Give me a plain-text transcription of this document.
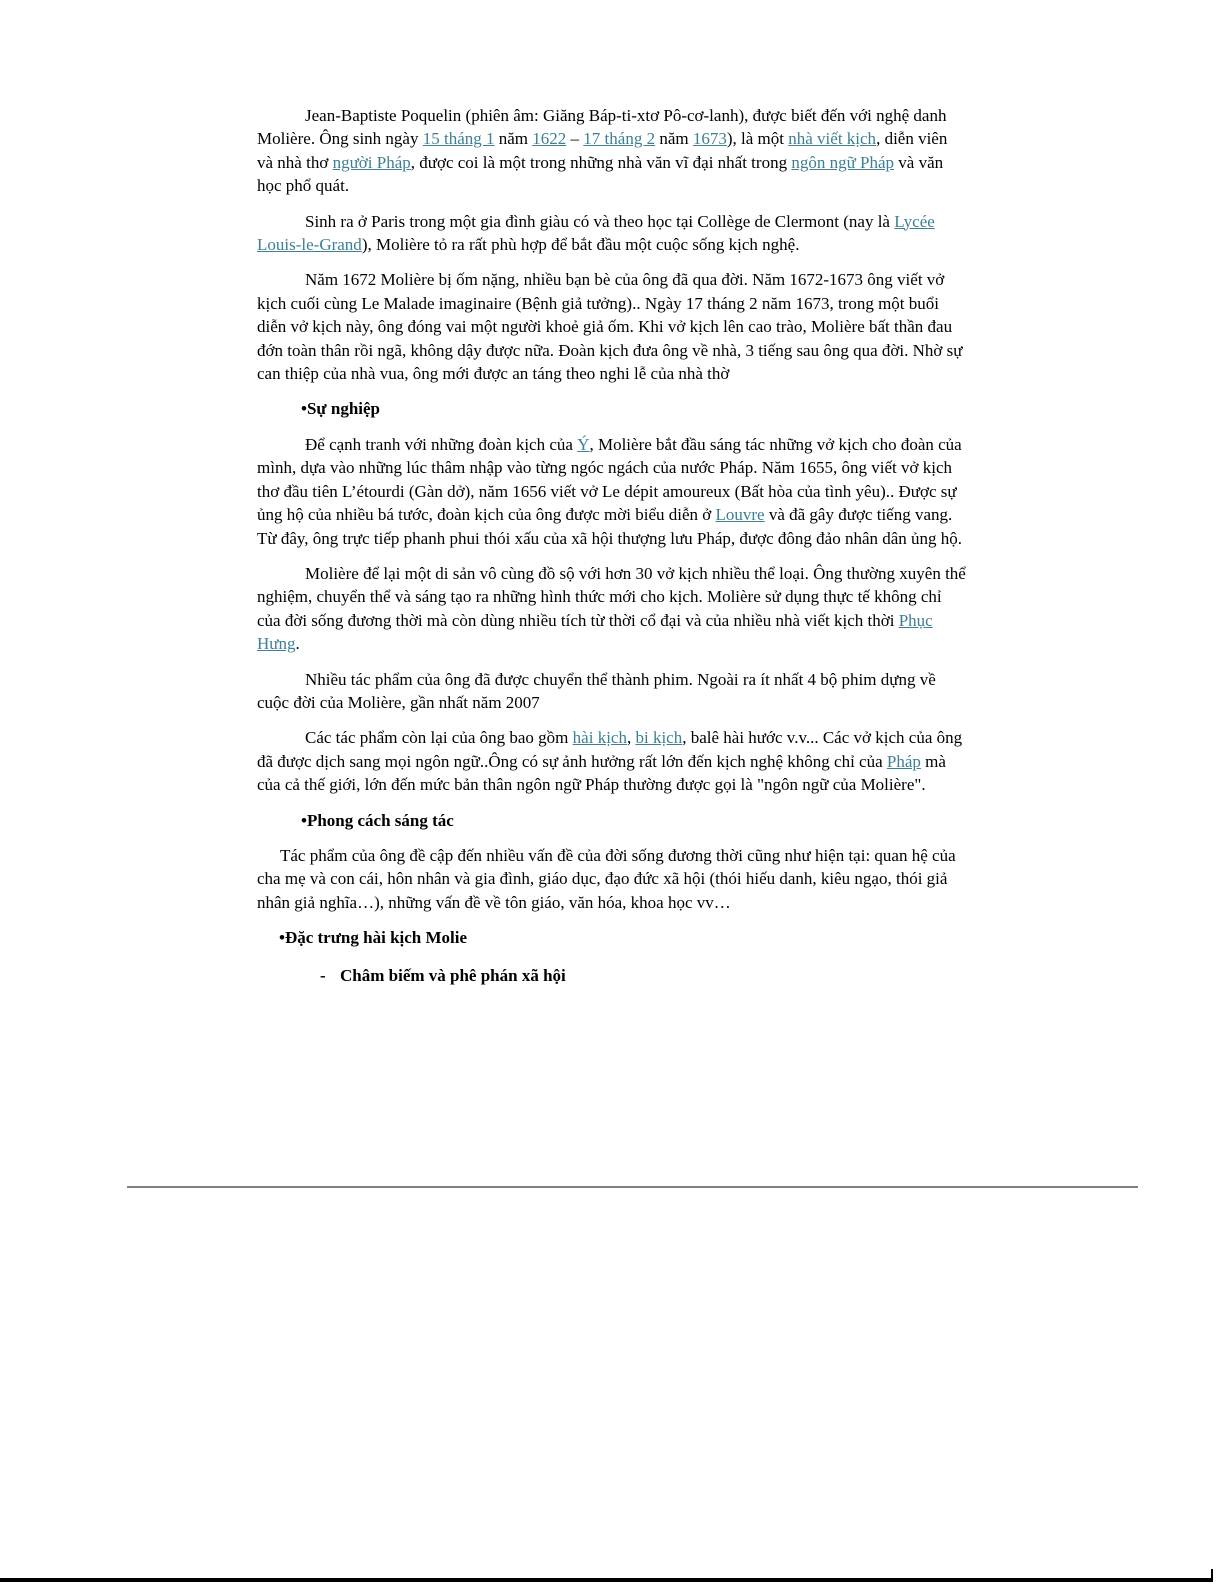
Jean-Baptiste Poquelin (phiên âm: Giăng Báp-ti-xtơ Pô-cơ-lanh), được biết đến với nghệ danh Molière. Ông sinh ngày 15 tháng 1 năm 1622 – 17 tháng 2 năm 1673), là một nhà viết kịch, diễn viên và nhà thơ người Pháp, được coi là một trong những nhà văn vĩ đại nhất trong ngôn ngữ Pháp và văn học phổ quát.

Sinh ra ở Paris trong một gia đình giàu có và theo học tại Collège de Clermont (nay là Lycée Louis-le-Grand), Molière tỏ ra rất phù hợp để bắt đầu một cuộc sống kịch nghệ.

Năm 1672 Molière bị ốm nặng, nhiều bạn bè của ông đã qua đời. Năm 1672-1673 ông viết vở kịch cuối cùng Le Malade imaginaire (Bệnh giả tưởng).. Ngày 17 tháng 2 năm 1673, trong một buổi diễn vở kịch này, ông đóng vai một người khoẻ giả ốm. Khi vở kịch lên cao trào, Molière bất thần đau đớn toàn thân rồi ngã, không dậy được nữa. Đoàn kịch đưa ông về nhà, 3 tiếng sau ông qua đời. Nhờ sự can thiệp của nhà vua, ông mới được an táng theo nghi lễ của nhà thờ

•Sự nghiệp

Để cạnh tranh với những đoàn kịch của Ý, Molière bắt đầu sáng tác những vở kịch cho đoàn của mình, dựa vào những lúc thâm nhập vào từng ngóc ngách của nước Pháp. Năm 1655, ông viết vở kịch thơ đầu tiên L’étourdi (Gàn dở), năm 1656 viết vở Le dépit amoureux (Bất hòa của tình yêu).. Được sự ủng hộ của nhiều bá tước, đoàn kịch của ông được mời biểu diễn ở Louvre và đã gây được tiếng vang. Từ đây, ông trực tiếp phanh phui thói xấu của xã hội thượng lưu Pháp, được đông đảo nhân dân ủng hộ.

Molière để lại một di sản vô cùng đồ sộ với hơn 30 vở kịch nhiều thể loại. Ông thường xuyên thể nghiệm, chuyển thể và sáng tạo ra những hình thức mới cho kịch. Molière sử dụng thực tế không chỉ của đời sống đương thời mà còn dùng nhiều tích từ thời cổ đại và của nhiều nhà viết kịch thời Phục Hưng.

Nhiều tác phẩm của ông đã được chuyển thể thành phim. Ngoài ra ít nhất 4 bộ phim dựng về cuộc đời của Molière, gần nhất năm 2007

Các tác phẩm còn lại của ông bao gồm hài kịch, bi kịch, balê hài hước v.v... Các vở kịch của ông đã được dịch sang mọi ngôn ngữ..Ông có sự ảnh hưởng rất lớn đến kịch nghệ không chỉ của Pháp mà của cả thế giới, lớn đến mức bản thân ngôn ngữ Pháp thường được gọi là "ngôn ngữ của Molière".

•Phong cách sáng tác

Tác phẩm của ông đề cập đến nhiều vấn đề của đời sống đương thời cũng như hiện tại: quan hệ của cha mẹ và con cái, hôn nhân và gia đình, giáo dục, đạo đức xã hội (thói hiếu danh, kiêu ngạo, thói giả nhân giả nghĩa…), những vấn đề về tôn giáo, văn hóa, khoa học vv…

•Đặc trưng hài kịch Molie
- Châm biếm và phê phán xã hội
